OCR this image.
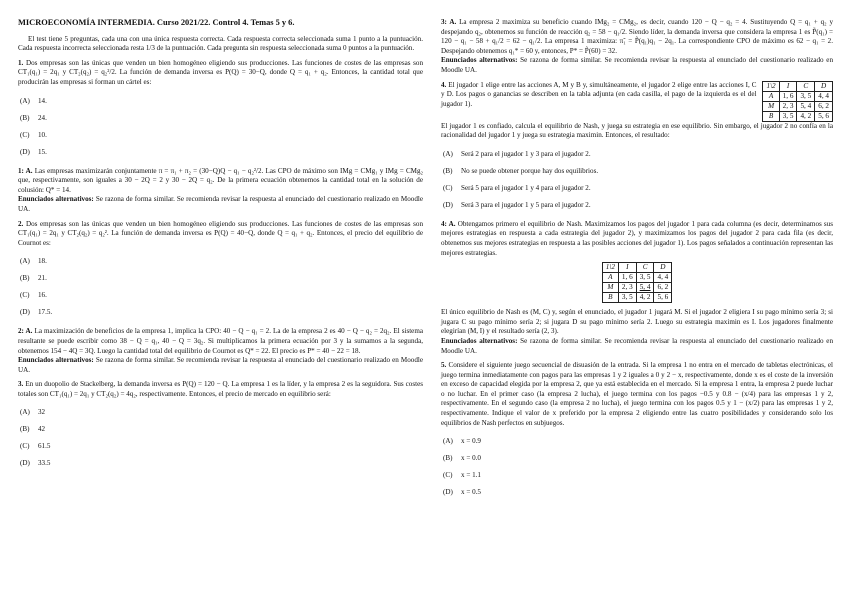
MICROECONOMÍA INTERMEDIA. Curso 2021/22. Control 4. Temas 5 y 6.

El test tiene 5 preguntas, cada una con una única respuesta correcta. Cada respuesta correcta seleccionada suma 1 punto a la puntuación. Cada respuesta incorrecta seleccionada resta 1/3 de la puntuación. Cada pregunta sin respuesta seleccionada suma 0 puntos a la puntuación.

1. Dos empresas son las únicas que venden un bien homogéneo eligiendo sus producciones. Las funciones de costes de las empresas son CT₁(q₁) = 2q₁ y CT₂(q₂) = q₂²/2. La función de demanda inversa es P(Q) = 30−Q, donde Q = q₁ + q₂. Entonces, la cantidad total que producirán las empresas si forman un cártel es:

(A) 14.
(B) 24.
(C) 10.
(D) 15.

1: A. Las empresas maximizarán conjuntamente π = π₁ + π₂ = (30−Q)Q − q₁ − q₂²/2. Las CPO de máximo son IMg = CMg₁ y IMg = CMg₂ que, respectivamente, son iguales a 30 − 2Q = 2 y 30 − 2Q = q₂. De la primera ecuación obtenemos la cantidad total en la solución de colusión: Q* = 14.
Enunciados alternativos: Se razona de forma similar. Se recomienda revisar la respuesta al enunciado del cuestionario realizado en Moodle UA.

2. Dos empresas son las únicas que venden un bien homogéneo eligiendo sus producciones. Las funciones de costes de las empresas son CT₁(q₁) = 2q₁ y CT₂(q₂) = q₂². La función de demanda inversa es P(Q) = 40−Q, donde Q = q₁ + q₂. Entonces, el precio del equilibrio de Cournot es:

(A) 18.
(B) 21.
(C) 16.
(D) 17.5.

2: A. La maximización de beneficios de la empresa 1, implica la CPO: 40 − Q − q₁ = 2. La de la empresa 2 es 40 − Q − q₂ = 2q₂. El sistema resultante se puede escribir como 38 − Q = q₁, 40 − Q = 3q₂. Si multiplicamos la primera ecuación por 3 y la sumamos a la segunda, obtenemos 154 − 4Q = 3Q. Luego la cantidad total del equilibrio de Cournot es Q* = 22. El precio es P* = 40 − 22 = 18.
Enunciados alternativos: Se razona de forma similar. Se recomienda revisar la respuesta al enunciado del cuestionario realizado en Moodle UA.

3. En un duopolio de Stackelberg, la demanda inversa es P(Q) = 120 − Q. La empresa 1 es la líder, y la empresa 2 es la seguidora. Sus costes totales son CT₁(q₁) = 2q₁ y CT₂(q₂) = 4q₂, respectivamente. Entonces, el precio de mercado en equilibrio será:

(A) 32
(B) 42
(C) 61.5
(D) 33.5

3: A. La empresa 2 maximiza su beneficio cuando IMg₂ = CMg₂, es decir, cuando 120 − Q − q₂ = 4. Sustituyendo Q = q₁ + q₂ y despejando q₂, obtenemos su función de reacción q₂ = 58 − q₁/2. Siendo líder, la demanda inversa que considera la empresa 1 es P̃(q₁) = 120 − q₁ − 58 + q₁/2 = 62 − q₁/2. La empresa 1 maximiza: π̃₁ = P̃(q₁)q₁ − 2q₁. La correspondiente CPO de máximo es 62 − q₁ = 2. Despejando obtenemos q₁* = 60 y, entonces, P* = P̃(60) = 32.
Enunciados alternativos: Se razona de forma similar. Se recomienda revisar la respuesta al enunciado del cuestionario realizado en Moodle UA.

4. El jugador 1 elige entre las acciones A, M y B y, simultáneamente, el jugador 2 elige entre las acciones I, C y D. Los pagos o ganancias se describen en la tabla adjunta (en cada casilla, el pago de la izquierda es el del jugador 1).

1\2	I	C	D
A	1, 6	3, 5	4, 4
M	2, 3	5, 4	6, 2
B	3, 5	4, 2	5, 6

El jugador 1 es confiado, calcula el equilibrio de Nash, y juega su estrategia en ese equilibrio. Sin embargo, el jugador 2 no confía en la racionalidad del jugador 1 y juega su estrategia maximin. Entonces, el resultado:

(A) Será 2 para el jugador 1 y 3 para el jugador 2.
(B) No se puede obtener porque hay dos equilibrios.
(C) Será 5 para el jugador 1 y 4 para el jugador 2.
(D) Será 3 para el jugador 1 y 5 para el jugador 2.

4: A. Obtengamos primero el equilibrio de Nash. Maximizamos los pagos del jugador 1 para cada columna (es decir, determinamos sus mejores estrategias en respuesta a cada estrategia del jugador 2), y maximizamos los pagos del jugador 2 para cada fila (es decir, obtenemos sus mejores estrategias en respuesta a las posibles acciones del jugador 1). Los pagos señalados a continuación representan las mejores estrategias.

1\2	I	C	D
A	1, 6	3, 5	4, 4
M	2, 3	5, 4	6, 2
B	3, 5	4, 2	5, 6

El único equilibrio de Nash es (M, C) y, según el enunciado, el jugador 1 jugará M. Si el jugador 2 eligiera I su pago mínimo sería 3; si jugara C su pago mínimo sería 2; si jugara D su pago mínimo sería 2. Luego su estrategia maximin es I. Los jugadores finalmente elegirían (M, I) y el resultado sería (2, 3).
Enunciados alternativos: Se razona de forma similar. Se recomienda revisar la respuesta al enunciado del cuestionario realizado en Moodle UA.

5. Considere el siguiente juego secuencial de disuasión de la entrada. Si la empresa 1 no entra en el mercado de tabletas electrónicas, el juego termina inmediatamente con pagos para las empresas 1 y 2 iguales a 0 y 2 − x, respectivamente, donde x es el coste de la inversión en exceso de capacidad elegida por la empresa 2, que ya está establecida en el mercado. Si la empresa 1 entra, la empresa 2 puede luchar o no luchar. En el primer caso (la empresa 2 lucha), el juego termina con los pagos −0.5 y 0.8 − (x/4) para las empresas 1 y 2, respectivamente. En el segundo caso (la empresa 2 no lucha), el juego termina con los pagos 0.5 y 1 − (x/2) para las empresas 1 y 2, respectivamente. Indique el valor de x preferido por la empresa 2 eligiendo entre las cuatro posibilidades y considerando solo los equilibrios de Nash perfectos en subjuegos.

(A) x = 0.9
(B) x = 0.0
(C) x = 1.1
(D) x = 0.5
